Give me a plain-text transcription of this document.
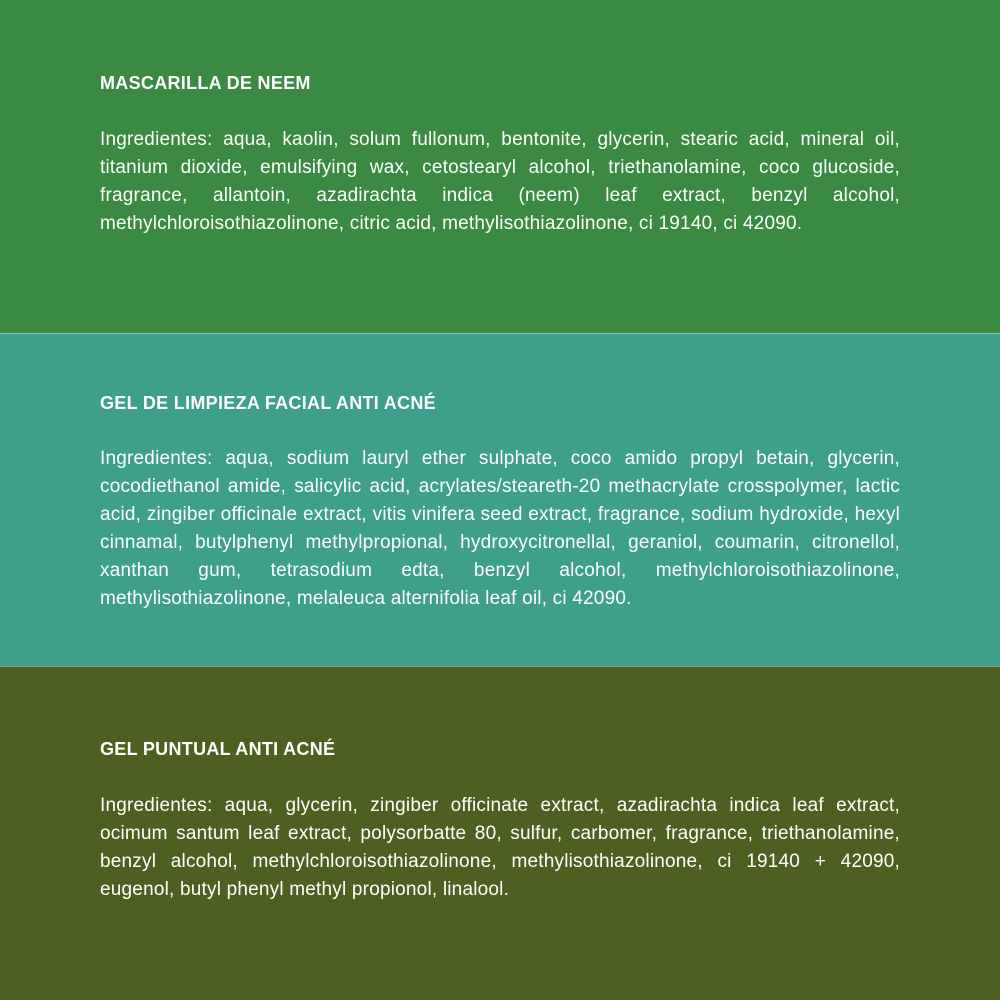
MASCARILLA DE NEEM

Ingredientes: aqua, kaolin, solum fullonum, bentonite, glycerin, stearic acid, mineral oil, titanium dioxide, emulsifying wax, cetostearyl alcohol, triethanolamine, coco glucoside, fragrance, allantoin, azadirachta indica (neem) leaf extract, benzyl alcohol, methylchloroisothiazolinone, citric acid, methylisothiazolinone, ci 19140, ci 42090.

GEL DE LIMPIEZA FACIAL ANTI ACNÉ

Ingredientes: aqua, sodium lauryl ether sulphate, coco amido propyl betain, glycerin, cocodiethanol amide, salicylic acid, acrylates/steareth-20 methacrylate crosspolymer, lactic acid, zingiber officinale extract, vitis vinifera seed extract, fragrance, sodium hydroxide, hexyl cinnamal, butylphenyl methylpropional, hydroxycitronellal, geraniol, coumarin, citronellol, xanthan gum, tetrasodium edta, benzyl alcohol, methylchloroisothiazolinone, methylisothiazolinone, melaleuca alternifolia leaf oil, ci 42090.

GEL PUNTUAL ANTI ACNÉ

Ingredientes: aqua, glycerin, zingiber officinate extract, azadirachta indica leaf extract, ocimum santum leaf extract, polysorbatte 80, sulfur, carbomer, fragrance, triethanolamine, benzyl alcohol, methylchloroisothiazolinone, methylisothiazolinone, ci 19140 + 42090, eugenol, butyl phenyl methyl propionol, linalool.
